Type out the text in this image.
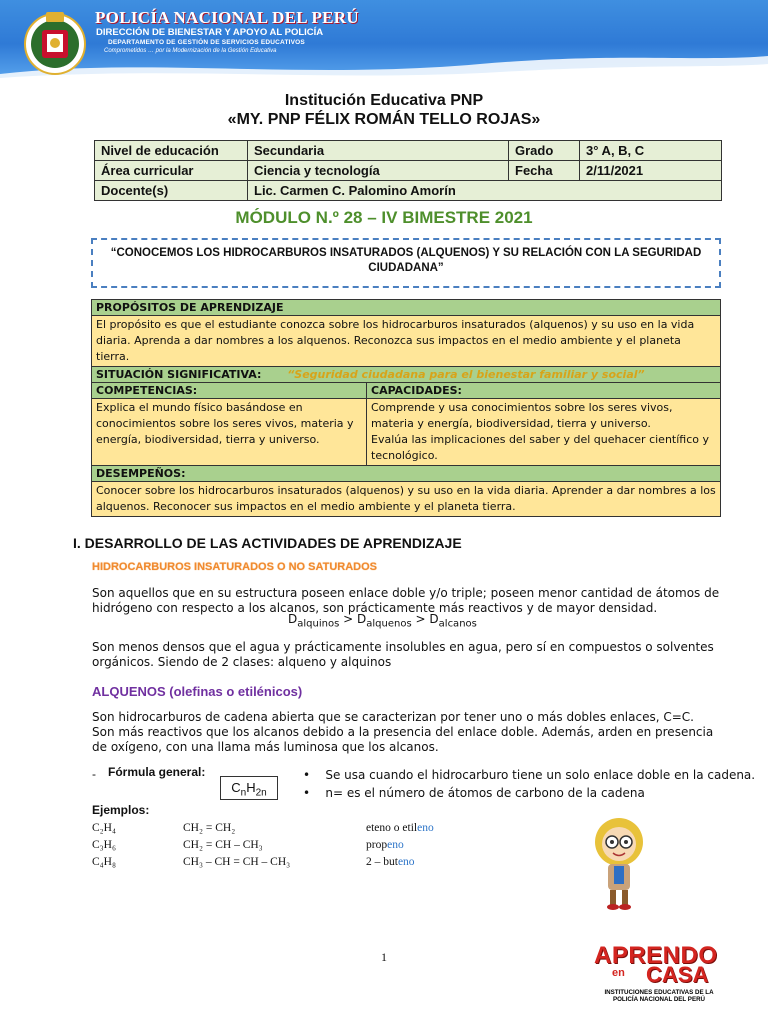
POLICÍA NACIONAL DEL PERÚ
DIRECCIÓN DE BIENESTAR Y APOYO AL POLICÍA
DEPARTAMENTO DE GESTIÓN DE SERVICIOS EDUCATIVOS
Comprometidos … por la Modernización de la Gestión Educativa
Institución Educativa PNP
«MY. PNP FÉLIX ROMÁN TELLO ROJAS»
Nivel de educación	Secundaria	Grado	3° A, B, C
Área curricular	Ciencia y tecnología	Fecha	2/11/2021
Docente(s)	Lic. Carmen C. Palomino Amorín		
MÓDULO N.º 28 – IV BIMESTRE 2021
“CONOCEMOS LOS HIDROCARBUROS INSATURADOS (ALQUENOS) Y SU RELACIÓN CON LA SEGURIDAD CIUDADANA”
PROPÓSITOS DE APRENDIZAJE
El propósito es que el estudiante conozca sobre los hidrocarburos insaturados (alquenos) y su uso en la vida diaria. Aprenda a dar nombres a los alquenos. Reconozca sus impactos en el medio ambiente y el planeta tierra.
SITUACIÓN SIGNIFICATIVA: “Seguridad ciudadana para el bienestar familiar y social”
COMPETENCIAS:	CAPACIDADES:
Explica el mundo físico basándose en conocimientos sobre los seres vivos, materia y energía, biodiversidad, tierra y universo.
Comprende y usa conocimientos sobre los seres vivos, materia y energía, biodiversidad, tierra y universo.
Evalúa las implicaciones del saber y del quehacer científico y tecnológico.
DESEMPEÑOS:
Conocer sobre los hidrocarburos insaturados (alquenos) y su uso en la vida diaria. Aprender a dar nombres a los alquenos. Reconocer sus impactos en el medio ambiente y el planeta tierra.
I. DESARROLLO DE LAS ACTIVIDADES DE APRENDIZAJE
HIDROCARBUROS INSATURADOS O NO SATURADOS
Son aquellos que en su estructura poseen enlace doble y/o triple; poseen menor cantidad de átomos de hidrógeno con respecto a los alcanos, son prácticamente más reactivos y de mayor densidad.
$D_{alquinos} > D_{alquenos} > D_{alcanos}$
Son menos densos que el agua y prácticamente insolubles en agua, pero sí en compuestos o solventes orgánicos. Siendo de 2 clases: alqueno y alquinos
ALQUENOS (olefinas o etilénicos)
Son hidrocarburos de cadena abierta que se caracterizan por tener uno o más dobles enlaces, C=C. Son más reactivos que los alcanos debido a la presencia del enlace doble. Además, arden en presencia de oxígeno, con una llama más luminosa que los alcanos.
- Fórmula general:
$C_nH_{2n}$
•    Se usa cuando el hidrocarburo tiene un solo enlace doble en la cadena.
•    n= es el número de átomos de carbono de la cadena
Ejemplos:
C₂H₄	CH₂ = CH₂	eteno o etileno
C₃H₆	CH₂ = CH – CH₃	propeno
C₄H₈	CH₃ – CH = CH – CH₃	2 – buteno
1	APRENDO
en CASA
INSTITUCIONES EDUCATIVAS DE LA
POLICÍA NACIONAL DEL PERÚ
